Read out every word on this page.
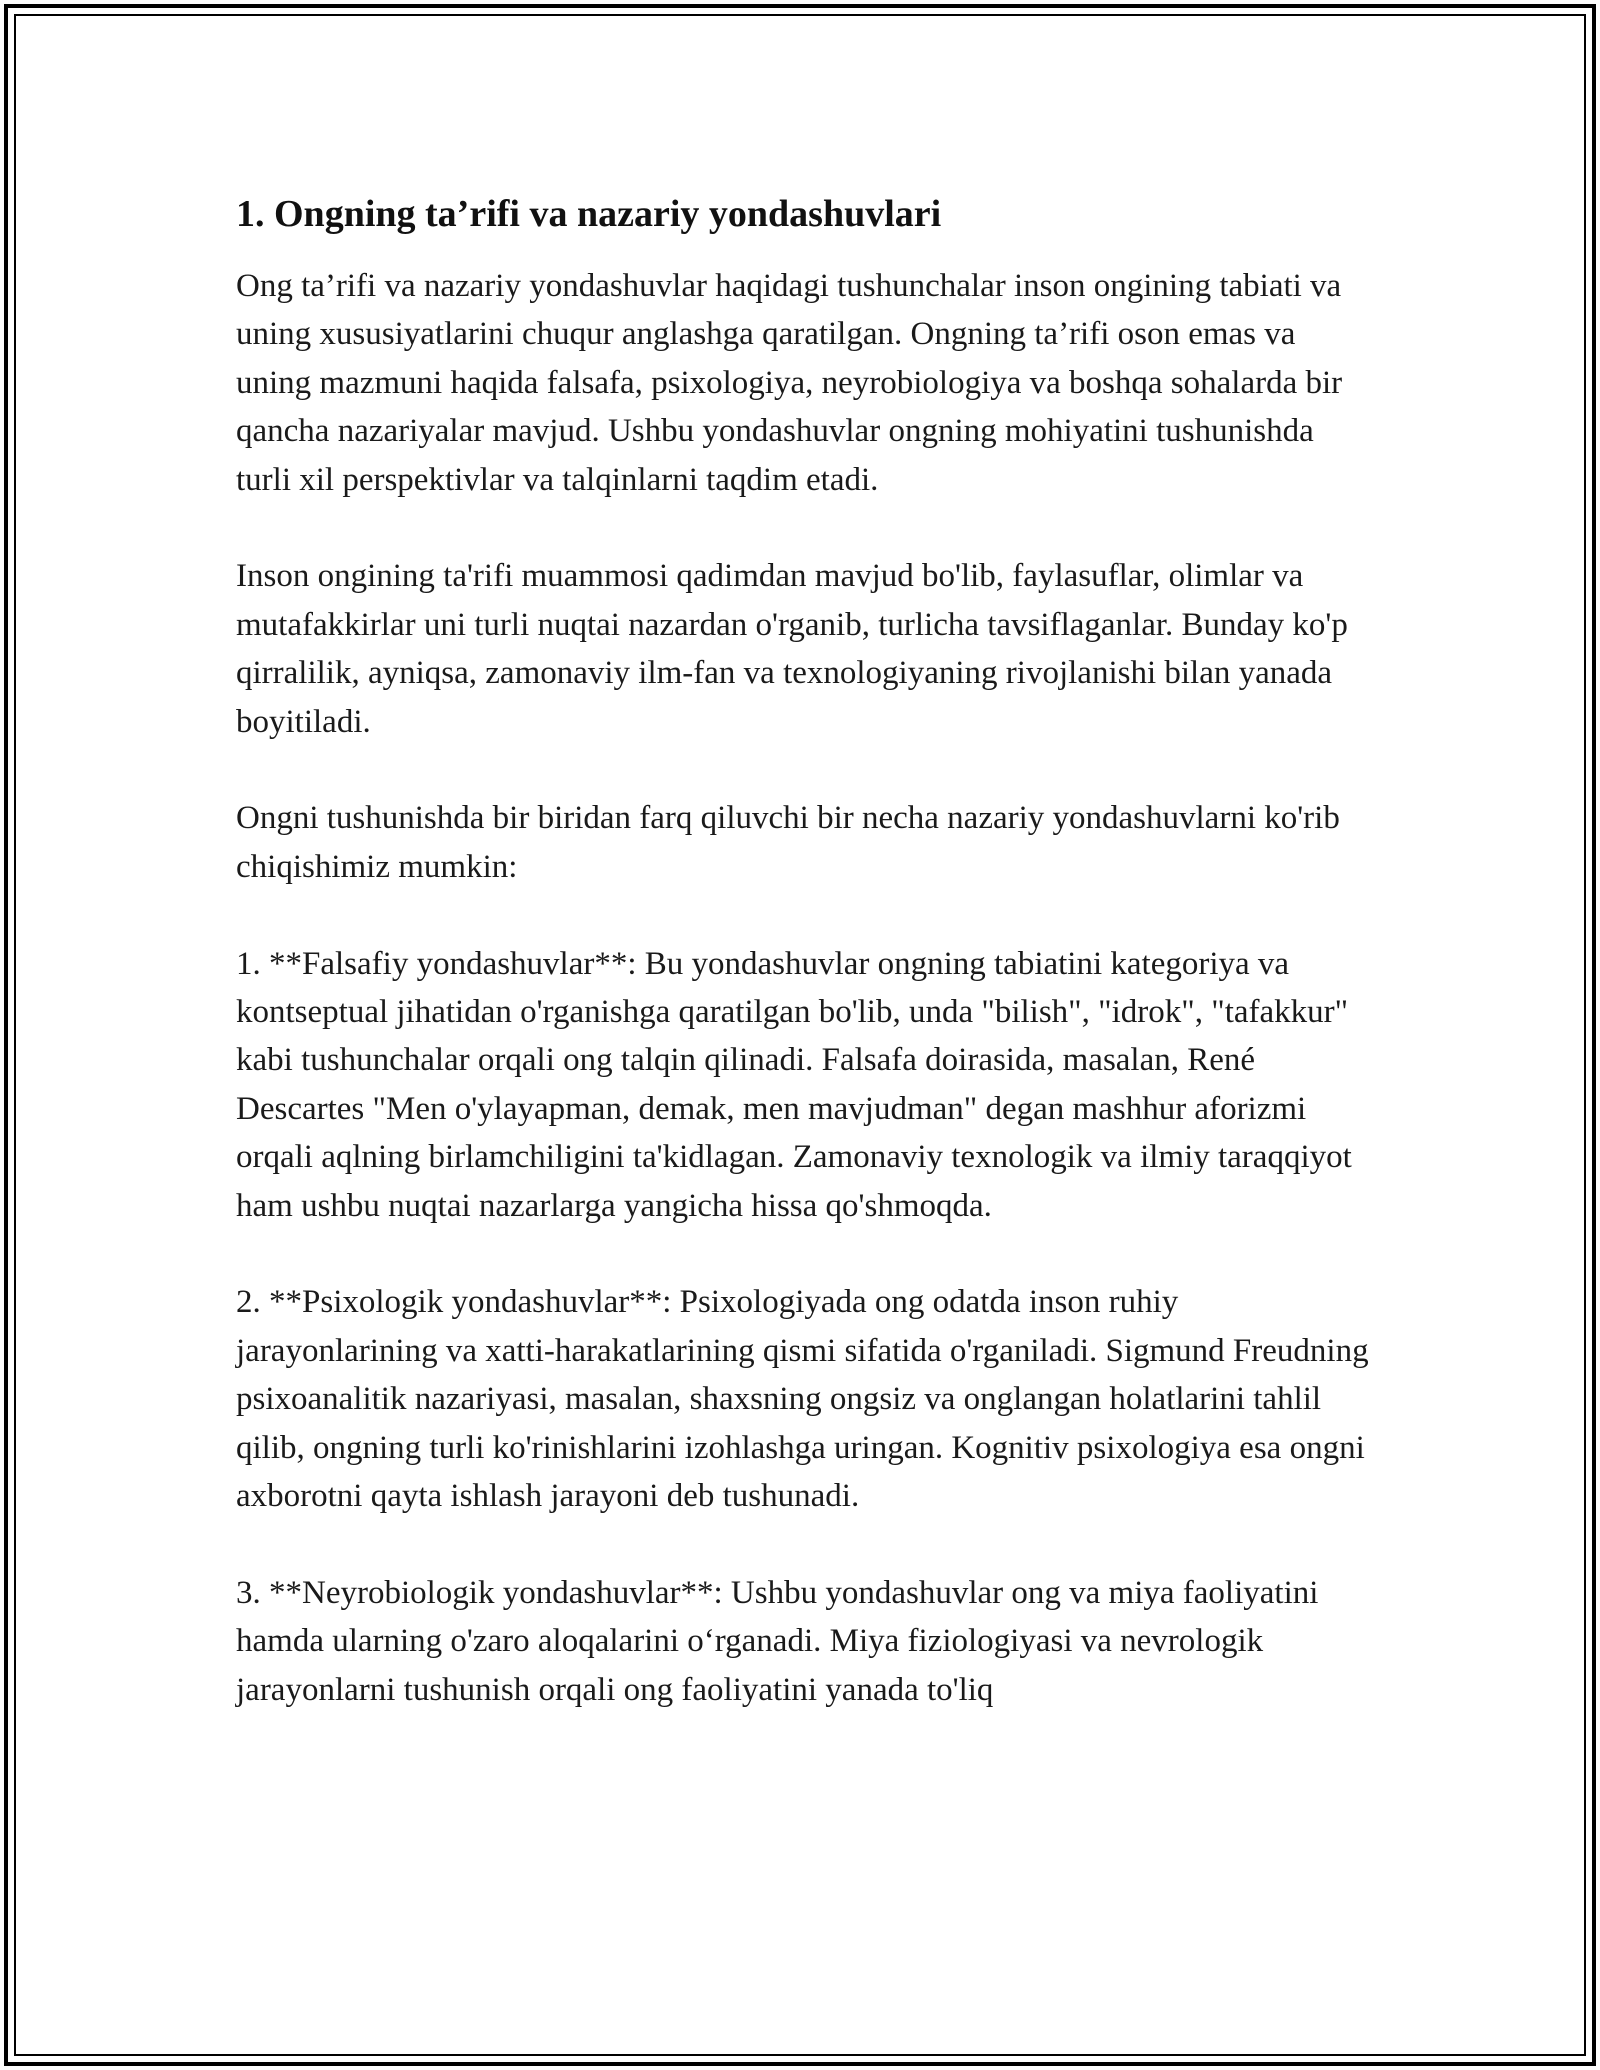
1. Ongning ta’rifi va nazariy yondashuvlari

Ong ta’rifi va nazariy yondashuvlar haqidagi tushunchalar inson ongining tabiati va uning xususiyatlarini chuqur anglashga qaratilgan. Ongning ta’rifi oson emas va uning mazmuni haqida falsafa, psixologiya, neyrobiologiya va boshqa sohalarda bir qancha nazariyalar mavjud. Ushbu yondashuvlar ongning mohiyatini tushunishda turli xil perspektivlar va talqinlarni taqdim etadi.

Inson ongining ta'rifi muammosi qadimdan mavjud bo'lib, faylasuflar, olimlar va mutafakkirlar uni turli nuqtai nazardan o'rganib, turlicha tavsiflaganlar. Bunday ko'p qirralilik, ayniqsa, zamonaviy ilm-fan va texnologiyaning rivojlanishi bilan yanada boyitiladi.

Ongni tushunishda bir biridan farq qiluvchi bir necha nazariy yondashuvlarni ko'rib chiqishimiz mumkin:

1. **Falsafiy yondashuvlar**: Bu yondashuvlar ongning tabiatini kategoriya va kontseptual jihatidan o'rganishga qaratilgan bo'lib, unda "bilish", "idrok", "tafakkur" kabi tushunchalar orqali ong talqin qilinadi. Falsafa doirasida, masalan, René Descartes "Men o'ylayapman, demak, men mavjudman" degan mashhur aforizmi orqali aqlning birlamchiligini ta'kidlagan. Zamonaviy texnologik va ilmiy taraqqiyot ham ushbu nuqtai nazarlarga yangicha hissa qo'shmoqda.

2. **Psixologik yondashuvlar**: Psixologiyada ong odatda inson ruhiy jarayonlarining va xatti-harakatlarining qismi sifatida o'rganiladi. Sigmund Freudning psixoanalitik nazariyasi, masalan, shaxsning ongsiz va onglangan holatlarini tahlil qilib, ongning turli ko'rinishlarini izohlashga uringan. Kognitiv psixologiya esa ongni axborotni qayta ishlash jarayoni deb tushunadi.

3. **Neyrobiologik yondashuvlar**: Ushbu yondashuvlar ong va miya faoliyatini hamda ularning o'zaro aloqalarini o‘rganadi. Miya fiziologiyasi va nevrologik jarayonlarni tushunish orqali ong faoliyatini yanada to'liq
